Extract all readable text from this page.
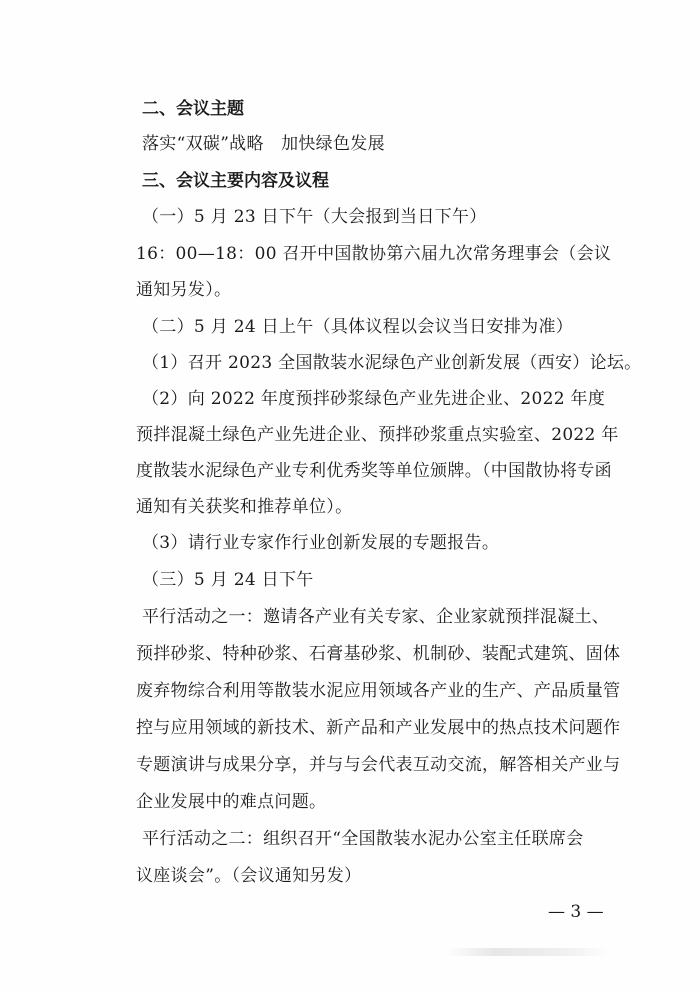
二、会议主题

落实“双碳”战略　加快绿色发展

三、会议主要内容及议程

（一）5 月 23 日下午（大会报到当日下午）

16：00—18：00 召开中国散协第六届九次常务理事会（会议

通知另发）。

（二）5 月 24 日上午（具体议程以会议当日安排为准）

（1）召开 2023 全国散装水泥绿色产业创新发展（西安）论坛。

（2）向 2022 年度预拌砂浆绿色产业先进企业、2022 年度

预拌混凝土绿色产业先进企业、预拌砂浆重点实验室、2022 年

度散装水泥绿色产业专利优秀奖等单位颁牌。（中国散协将专函

通知有关获奖和推荐单位）。

（3）请行业专家作行业创新发展的专题报告。

（三）5 月 24 日下午

平行活动之一：邀请各产业有关专家、企业家就预拌混凝土、

预拌砂浆、特种砂浆、石膏基砂浆、机制砂、装配式建筑、固体

废弃物综合利用等散装水泥应用领域各产业的生产、产品质量管

控与应用领域的新技术、新产品和产业发展中的热点技术问题作

专题演讲与成果分享，并与与会代表互动交流，解答相关产业与

企业发展中的难点问题。

平行活动之二：组织召开“全国散装水泥办公室主任联席会

议座谈会”。（会议通知另发）

— 3 —
